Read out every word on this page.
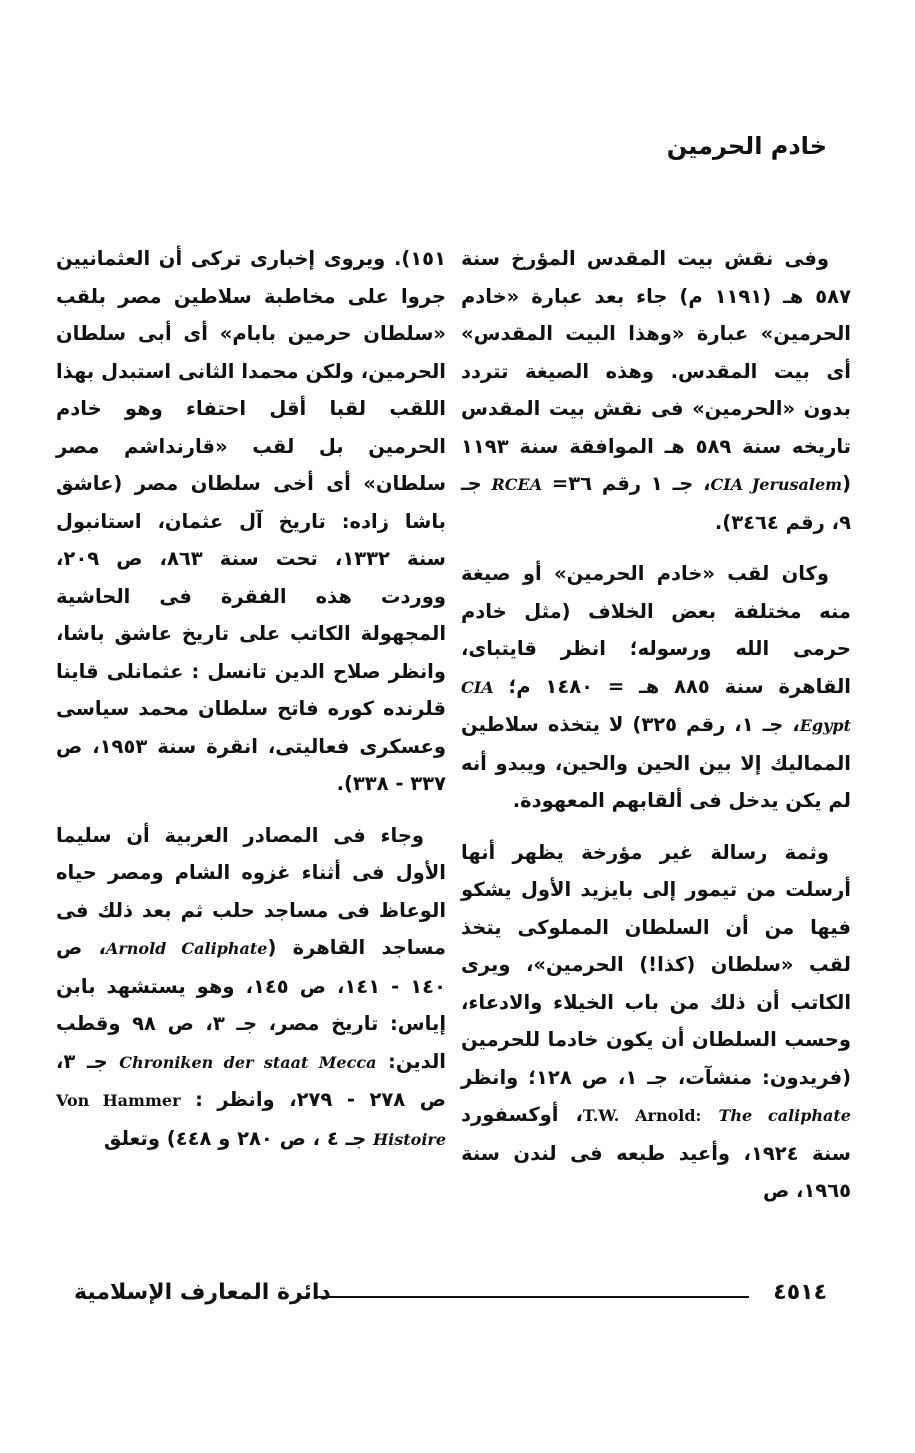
خادم الحرمين

وفى نقش بيت المقدس المؤرخ سنة ٥٨٧ هـ (١١٩١ م) جاء بعد عبارة «خادم الحرمين» عبارة «وهذا البيت المقدس» أى بيت المقدس. وهذه الصيغة تتردد بدون «الحرمين» فى نقش بيت المقدس تاريخه سنة ٥٨٩ هـ الموافقة سنة ١١٩٣ (CIA Jerusalem، جـ ١ رقم ٣٦= RCEA جـ ٩، رقم ٣٤٦٤).

وكان لقب «خادم الحرمين» أو صيغة منه مختلفة بعض الخلاف (مثل خادم حرمى الله ورسوله؛ انظر قايتباى، القاهرة سنة ٨٨٥ هـ = ١٤٨٠ م؛ CIA Egypt، جـ ١، رقم ٣٢٥) لا يتخذه سلاطين المماليك إلا بين الحين والحين، ويبدو أنه لم يكن يدخل فى ألقابهم المعهودة.

وثمة رسالة غير مؤرخة يظهر أنها أرسلت من تيمور إلى بايزيد الأول يشكو فيها من أن السلطان المملوكى يتخذ لقب «سلطان (كذا!) الحرمين»، ويرى الكاتب أن ذلك من باب الخيلاء والادعاء، وحسب السلطان أن يكون خادما للحرمين (فريدون: منشآت، جـ ١، ص ١٢٨؛ وانظر T.W. Arnold: The caliphate، أوكسفورد سنة ١٩٢٤، وأعيد طبعه فى لندن سنة ١٩٦٥، ص

١٥١). ويروى إخبارى تركى أن العثمانيين جروا على مخاطبة سلاطين مصر بلقب «سلطان حرمين بابام» أى أبى سلطان الحرمين، ولكن محمدا الثانى استبدل بهذا اللقب لقبا أقل احتفاء وهو خادم الحرمين بل لقب «قارنداشم مصر سلطان» أى أخى سلطان مصر (عاشق باشا زاده: تاريخ آل عثمان، استانبول سنة ١٣٣٢، تحت سنة ٨٦٣، ص ٢٠٩، ووردت هذه الفقرة فى الحاشية المجهولة الكاتب على تاريخ عاشق باشا، وانظر صلاح الدين تانسل : عثمانلى قاينا قلرنده كوره فاتح سلطان محمد سياسى وعسكرى فعاليتى، انقرة سنة ١٩٥٣، ص ٣٣٧ - ٣٣٨).

وجاء فى المصادر العربية أن سليما الأول فى أثناء غزوه الشام ومصر حياه الوعاظ فى مساجد حلب ثم بعد ذلك فى مساجد القاهرة (Arnold Caliphate، ص ١٤٠ - ١٤١، ص ١٤٥، وهو يستشهد بابن إياس: تاريخ مصر، جـ ٣، ص ٩٨ وقطب الدين: Chroniken der staat Mecca جـ ٣، ص ٢٧٨ - ٢٧٩، وانظر Von Hammer : Histoire جـ ٤ ، ص ٢٨٠ و ٤٤٨) وتعلق

٤٥١٤
دائرة المعارف الإسلامية
